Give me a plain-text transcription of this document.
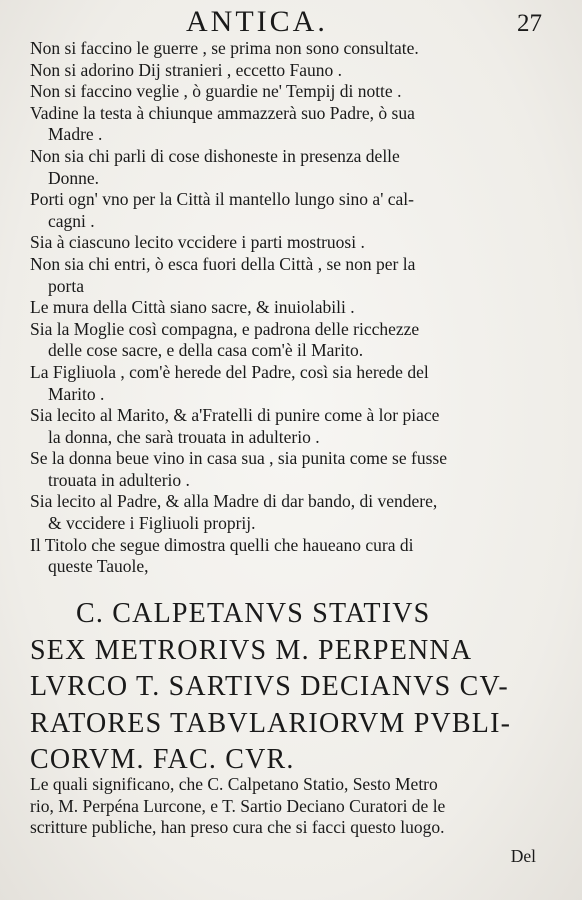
ANTICA.	27
Non si faccino le guerre , se prima non sono consultate.
Non si adorino Dij stranieri , eccetto Fauno .
Non si faccino veglie , ò guardie ne' Tempij di notte .
Vadine la testa à chiunque ammazzerà suo Padre, ò sua
Madre .
Non sia chi parli di cose dishoneste in presenza delle
Donne.
Porti ogn' vno per la Città il mantello lungo sino a' cal-
cagni .
Sia à ciascuno lecito vccidere i parti mostruosi .
Non sia chi entri, ò esca fuori della Città , se non per la
porta
Le mura della Città siano sacre, & inuiolabili .
Sia la Moglie così compagna, e padrona delle ricchezze
delle cose sacre, e della casa com'è il Marito.
La Figliuola , com'è herede del Padre, così sia herede del
Marito .
Sia lecito al Marito, & a'Fratelli di punire come à lor piace
la donna, che sarà trouata in adulterio .
Se la donna beue vino in casa sua , sia punita come se fusse
trouata in adulterio .
Sia lecito al Padre, & alla Madre di dar bando, di vendere,
& vccidere i Figliuoli proprij.
Il Titolo che segue dimostra quelli che haueano cura di
queste Tauole,
C. CALPETANVS STATIVS
SEX METRORIVS M. PERPENNA
LVRCO T. SARTIVS DECIANVS CV-
RATORES TABVLARIORVM PVBLI-
CORVM. FAC. CVR.
Le quali significano, che C. Calpetano Statio, Sesto Metro
rio, M. Perpéna Lurcone, e T. Sartio Deciano Curatori de le
scritture publiche, han preso cura che si facci questo luogo.
Del
